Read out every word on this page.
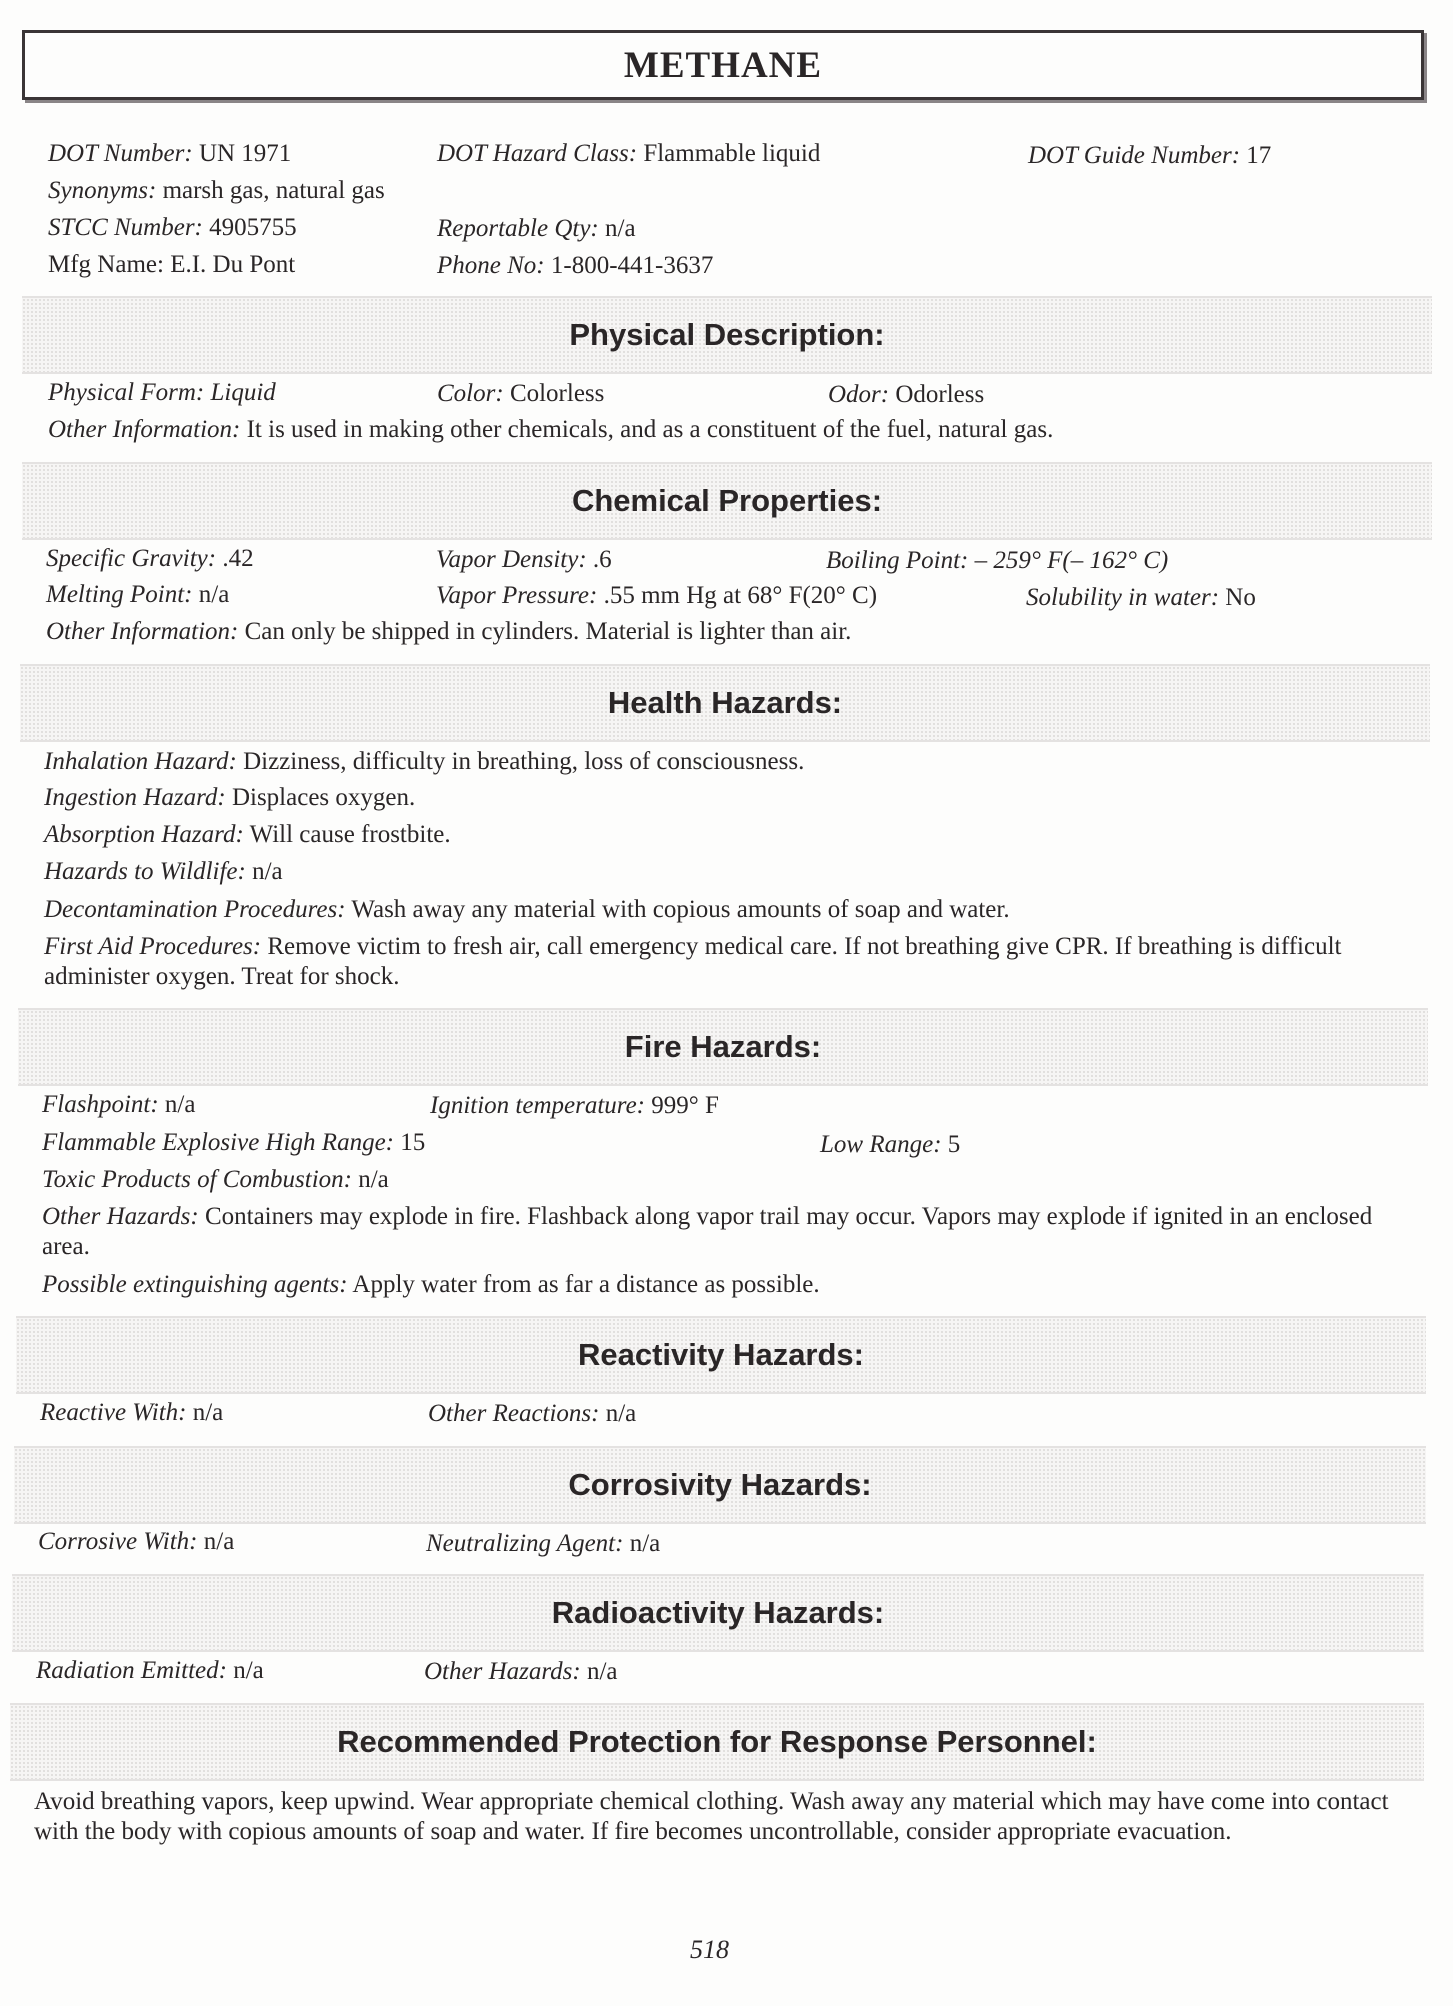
METHANE
DOT Number: UN 1971	DOT Hazard Class: Flammable liquid	DOT Guide Number: 17
Synonyms: marsh gas, natural gas
STCC Number: 4905755	Reportable Qty: n/a
Mfg Name: E.I. Du Pont	Phone No: 1-800-441-3637
Physical Description:
Physical Form: Liquid	Color: Colorless	Odor: Odorless
Other Information: It is used in making other chemicals, and as a constituent of the fuel, natural gas.
Chemical Properties:
Specific Gravity: .42	Vapor Density: .6	Boiling Point: – 259° F(– 162° C)
Melting Point: n/a	Vapor Pressure: .55 mm Hg at 68° F(20° C)	Solubility in water: No
Other Information: Can only be shipped in cylinders. Material is lighter than air.
Health Hazards:
Inhalation Hazard: Dizziness, difficulty in breathing, loss of consciousness.
Ingestion Hazard: Displaces oxygen.
Absorption Hazard: Will cause frostbite.
Hazards to Wildlife: n/a
Decontamination Procedures: Wash away any material with copious amounts of soap and water.
First Aid Procedures: Remove victim to fresh air, call emergency medical care. If not breathing give CPR. If breathing is difficult administer oxygen. Treat for shock.
Fire Hazards:
Flashpoint: n/a	Ignition temperature: 999° F
Flammable Explosive High Range: 15	Low Range: 5
Toxic Products of Combustion: n/a
Other Hazards: Containers may explode in fire. Flashback along vapor trail may occur. Vapors may explode if ignited in an enclosed area.
Possible extinguishing agents: Apply water from as far a distance as possible.
Reactivity Hazards:
Reactive With: n/a	Other Reactions: n/a
Corrosivity Hazards:
Corrosive With: n/a	Neutralizing Agent: n/a
Radioactivity Hazards:
Radiation Emitted: n/a	Other Hazards: n/a
Recommended Protection for Response Personnel:
Avoid breathing vapors, keep upwind. Wear appropriate chemical clothing. Wash away any material which may have come into contact with the body with copious amounts of soap and water. If fire becomes uncontrollable, consider appropriate evacuation.
518
